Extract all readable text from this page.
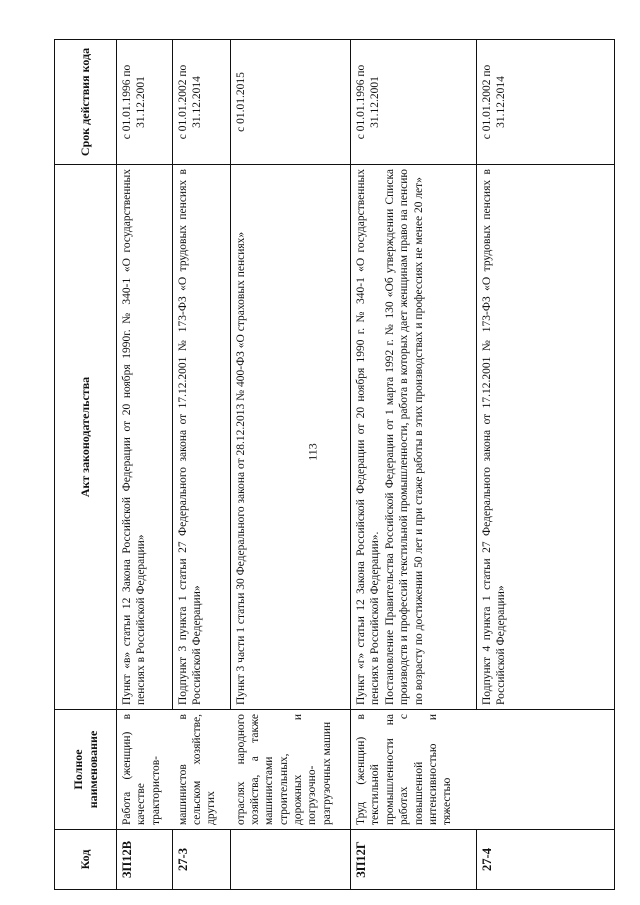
113
Код	Полное наименование	Акт законодательства	Срок действия кода
ЗП12В	Работа (женщин) в качестве трактористов-	Пункт «в» статьи 12 Закона Российской Федерации от 20 ноября 1990г. № 340-1 «О государственных пенсиях в Российской Федерации»	с 01.01.1996 по 31.12.2001
27-3	машинистов в сельском хозяйстве, других	Подпункт 3 пункта 1 статьи 27 Федерального закона от 17.12.2001 № 173-ФЗ «О трудовых пенсиях в Российской Федерации»	с 01.01.2002 по 31.12.2014
	отраслях народного хозяйства, а также машинистами строительных, дорожных и погрузочно-разгрузочных машин	Пункт 3 части 1 статьи 30 Федерального закона от 28.12.2013 № 400-ФЗ «О страховых пенсиях»	с 01.01.2015
ЗП12Г	Труд (женщин) в текстильной промышленности на работах с повышенной интенсивностью и тяжестью	Пункт «г» статьи 12 Закона Российской Федерации от 20 ноября 1990 г. № 340-1 «О государственных пенсиях в Российской Федерации». Постановление Правительства Российской Федерации от 1 марта 1992 г. № 130 «Об утверждении Списка производств и профессий текстильной промышленности, работа в которых дает женщинам право на пенсию по возрасту по достижении 50 лет и при стаже работы в этих производствах и профессиях не менее 20 лет»	с 01.01.1996 по 31.12.2001
27-4		Подпункт 4 пункта 1 статьи 27 Федерального закона от 17.12.2001 № 173-ФЗ «О трудовых пенсиях в Российской Федерации»	с 01.01.2002 по 31.12.2014
